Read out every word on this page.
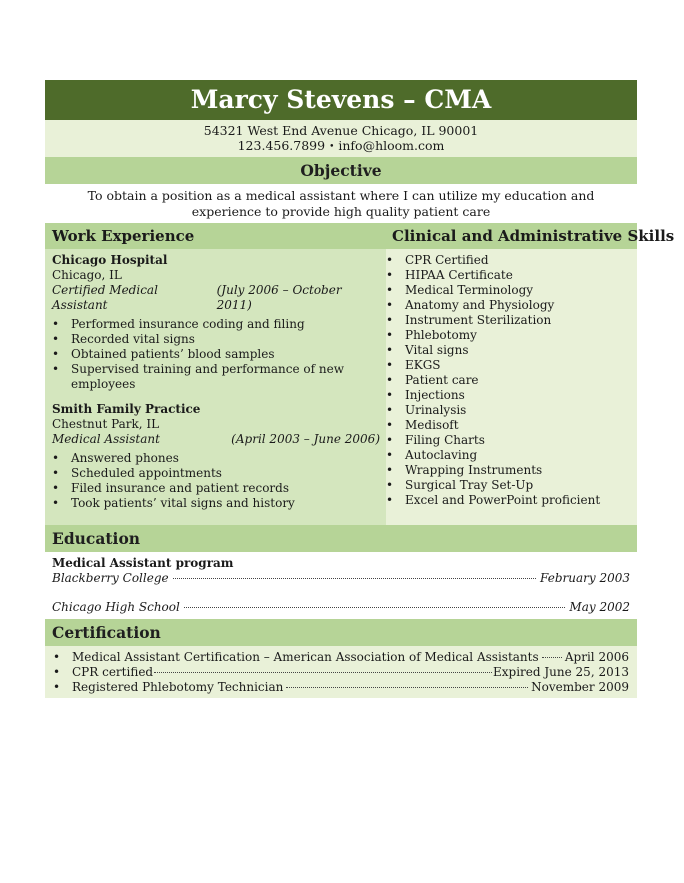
Marcy Stevens – CMA
54321 West End Avenue Chicago, IL 90001
123.456.7899 • info@hloom.com
Objective
To obtain a position as a medical assistant where I can utilize my education and experience to provide high quality patient care
Work Experience
Chicago Hospital
Chicago, IL
Certified Medical Assistant
(July 2006 – October 2011)
• Performed insurance coding and filing
• Recorded vital signs
• Obtained patients’ blood samples
• Supervised training and performance of new employees
Smith Family Practice
Chestnut Park, IL
Medical Assistant	(April 2003 – June 2006)
• Answered phones
• Scheduled appointments
• Filed insurance and patient records
• Took patients’ vital signs and history
Clinical and Administrative Skills
• CPR Certified
• HIPAA Certificate
• Medical Terminology
• Anatomy and Physiology
• Instrument Sterilization
• Phlebotomy
• Vital signs
• EKGS
• Patient care
• Injections
• Urinalysis
• Medisoft
• Filing Charts
• Autoclaving
• Wrapping Instruments
• Surgical Tray Set-Up
• Excel and PowerPoint proficient
Education
Medical Assistant program
Blackberry College	February 2003
Chicago High School	May 2002
Certification
• Medical Assistant Certification – American Association of Medical Assistants April 2006
• CPR certified	Expired June 25, 2013
• Registered Phlebotomy Technician	November 2009
